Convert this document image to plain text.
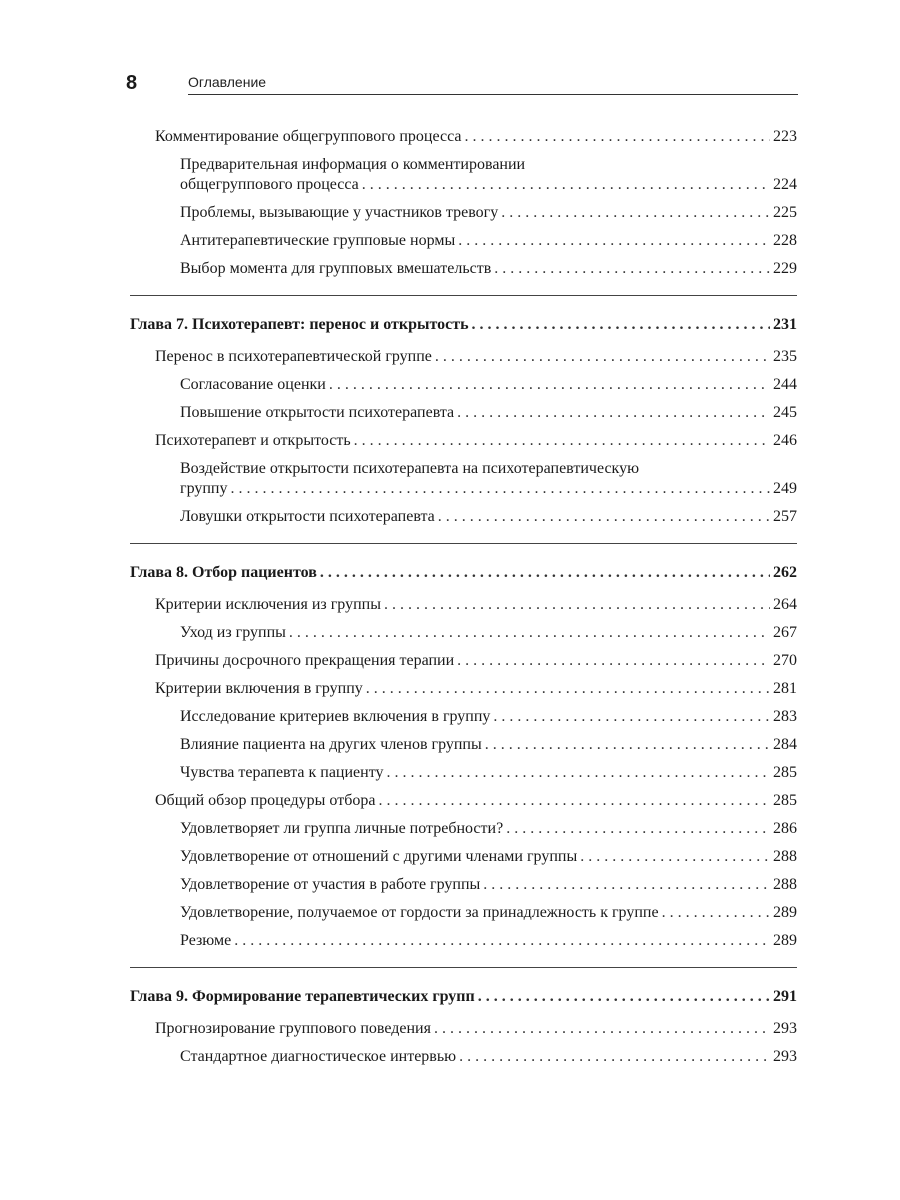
8	Оглавление
Комментирование общегруппового процесса . . .	223
Предварительная информация о комментировании
общегруппового процесса . . .	224
Проблемы, вызывающие у участников тревогу . . .	225
Антитерапевтические групповые нормы . . .	228
Выбор момента для групповых вмешательств . . .	229
Глава 7. Психотерапевт: перенос и открытость . . .	231
Перенос в психотерапевтической группе . . .	235
Согласование оценки . . .	244
Повышение открытости психотерапевта . . .	245
Психотерапевт и открытость . . .	246
Воздействие открытости психотерапевта на психотерапевтическую
группу . . .	249
Ловушки открытости психотерапевта . . .	257
Глава 8. Отбор пациентов . . .	262
Критерии исключения из группы . . .	264
Уход из группы . . .	267
Причины досрочного прекращения терапии . . .	270
Критерии включения в группу . . .	281
Исследование критериев включения в группу . . .	283
Влияние пациента на других членов группы . . .	284
Чувства терапевта к пациенту . . .	285
Общий обзор процедуры отбора . . .	285
Удовлетворяет ли группа личные потребности? . . .	286
Удовлетворение от отношений с другими членами группы . . .	288
Удовлетворение от участия в работе группы . . .	288
Удовлетворение, получаемое от гордости за принадлежность к группе . . .	289
Резюме . . .	289
Глава 9. Формирование терапевтических групп . . .	291
Прогнозирование группового поведения . . .	293
Стандартное диагностическое интервью . . .	293
